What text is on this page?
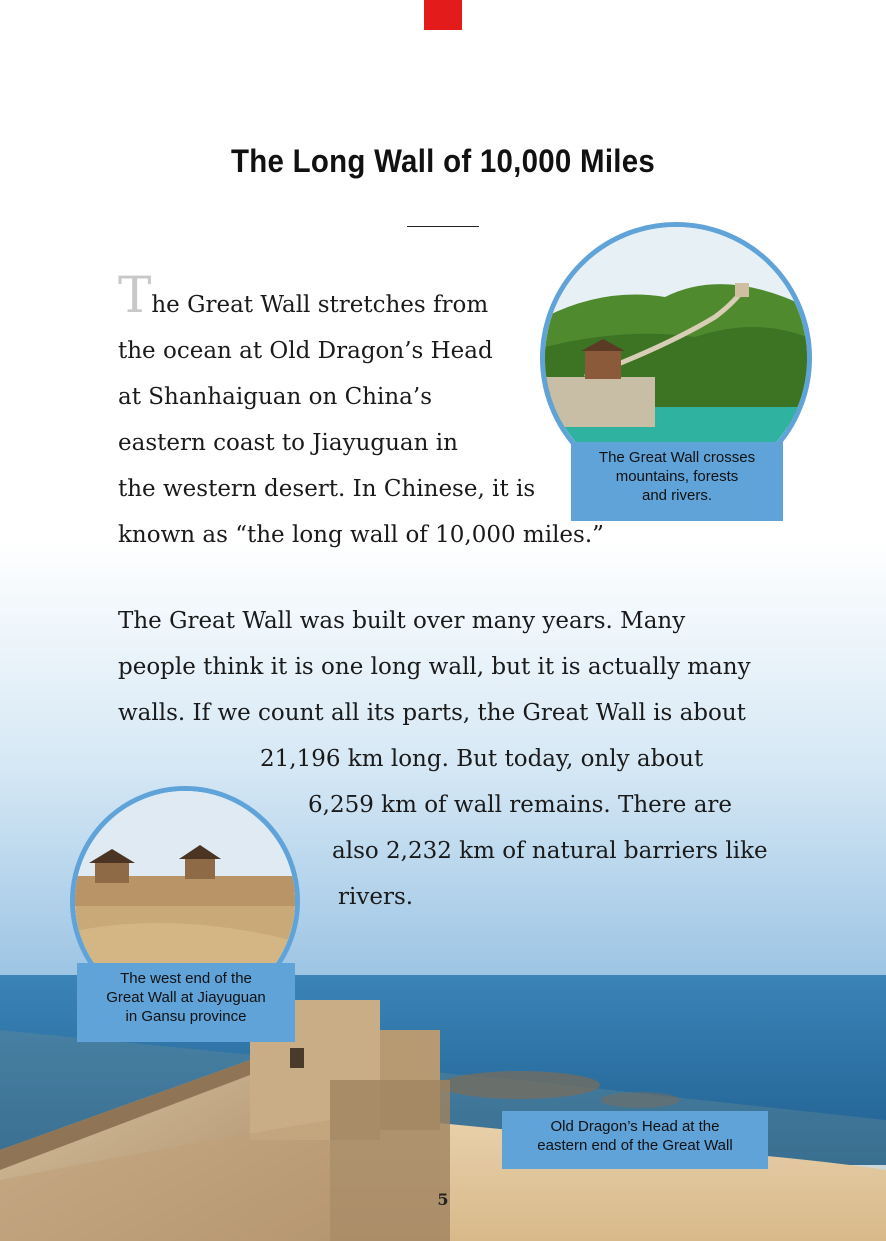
The Long Wall of 10,000 Miles
The Great Wall stretches from
the ocean at Old Dragon’s Head
at Shanhaiguan on China’s
eastern coast to Jiayuguan in
the western desert. In Chinese, it is
known as “the long wall of 10,000 miles.”
The Great Wall was built over many years. Many
people think it is one long wall, but it is actually many
walls. If we count all its parts, the Great Wall is about
21,196 km long. But today, only about
6,259 km of wall remains. There are
also 2,232 km of natural barriers like
rivers.
The Great Wall crosses
mountains, forests
and rivers.
The west end of the
Great Wall at Jiayuguan
in Gansu province
Old Dragon’s Head at the
eastern end of the Great Wall
5
